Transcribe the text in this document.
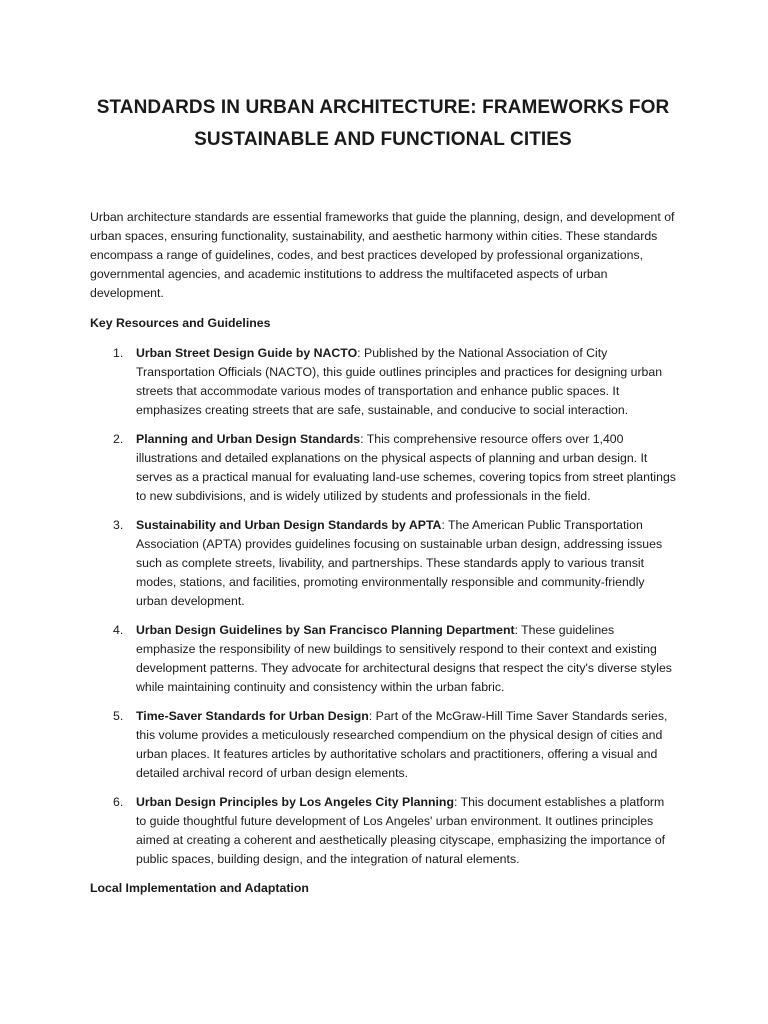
STANDARDS IN URBAN ARCHITECTURE: FRAMEWORKS FOR SUSTAINABLE AND FUNCTIONAL CITIES

Urban architecture standards are essential frameworks that guide the planning, design, and development of urban spaces, ensuring functionality, sustainability, and aesthetic harmony within cities. These standards encompass a range of guidelines, codes, and best practices developed by professional organizations, governmental agencies, and academic institutions to address the multifaceted aspects of urban development.

Key Resources and Guidelines

1. Urban Street Design Guide by NACTO: Published by the National Association of City Transportation Officials (NACTO), this guide outlines principles and practices for designing urban streets that accommodate various modes of transportation and enhance public spaces. It emphasizes creating streets that are safe, sustainable, and conducive to social interaction.
2. Planning and Urban Design Standards: This comprehensive resource offers over 1,400 illustrations and detailed explanations on the physical aspects of planning and urban design. It serves as a practical manual for evaluating land-use schemes, covering topics from street plantings to new subdivisions, and is widely utilized by students and professionals in the field.
3. Sustainability and Urban Design Standards by APTA: The American Public Transportation Association (APTA) provides guidelines focusing on sustainable urban design, addressing issues such as complete streets, livability, and partnerships. These standards apply to various transit modes, stations, and facilities, promoting environmentally responsible and community-friendly urban development.
4. Urban Design Guidelines by San Francisco Planning Department: These guidelines emphasize the responsibility of new buildings to sensitively respond to their context and existing development patterns. They advocate for architectural designs that respect the city's diverse styles while maintaining continuity and consistency within the urban fabric.
5. Time-Saver Standards for Urban Design: Part of the McGraw-Hill Time Saver Standards series, this volume provides a meticulously researched compendium on the physical design of cities and urban places. It features articles by authoritative scholars and practitioners, offering a visual and detailed archival record of urban design elements.
6. Urban Design Principles by Los Angeles City Planning: This document establishes a platform to guide thoughtful future development of Los Angeles' urban environment. It outlines principles aimed at creating a coherent and aesthetically pleasing cityscape, emphasizing the importance of public spaces, building design, and the integration of natural elements.

Local Implementation and Adaptation
